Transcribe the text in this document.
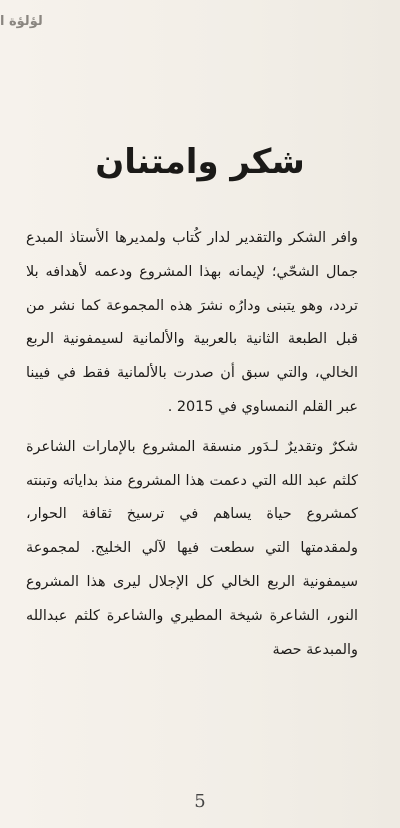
لؤلؤة ا
شكر وامتنان

وافر الشكر والتقدير لدار كُتاب ولمديرها الأستاذ المبدع جمال الشحّي؛ لإيمانه بهذا المشروع ودعمه لأهدافه بلا تردد، وهو يتبنى ودارُه نشرَ هذه المجموعة كما نشر من قبل الطبعة الثانية بالعربية والألمانية لسيمفونية الربع الخالي، والتي سبق أن صدرت بالألمانية فقط في فيينا عبر القلم النمساوي في 2015 .

شكرٌ وتقديرٌ لـدَور منسقة المشروع بالإمارات الشاعرة كلثم عبد الله التي دعمت هذا المشروع منذ بداياته وتبنته كمشروع حياة يساهم في ترسيخ ثقافة الحوار، ولمقدمتها التي سطعت فيها لآلي الخليج. لمجموعة سيمفونية الربع الخالي كل الإجلال ليرى هذا المشروع النور، الشاعرة شيخة المطيري والشاعرة كلثم عبدالله والمبدعة حصة

5
